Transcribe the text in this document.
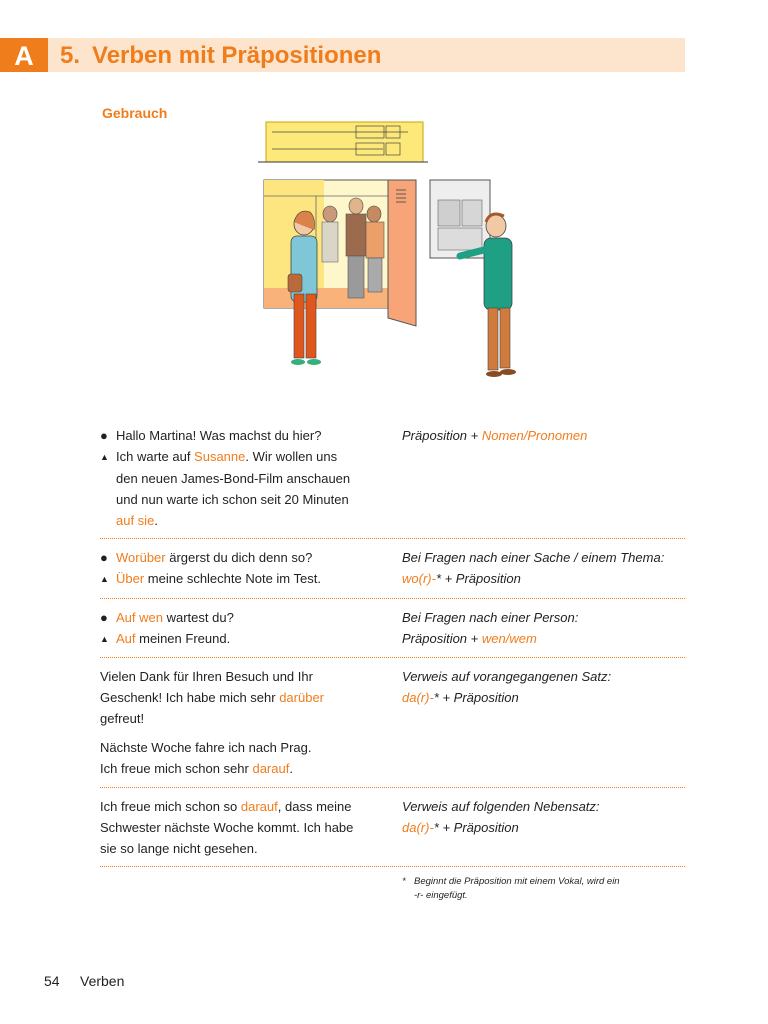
A	5. Verben mit Präpositionen
Gebrauch
● Hallo Martina! Was machst du hier?
▲ Ich warte auf Susanne. Wir wollen uns
den neuen James-Bond-Film anschauen
und nun warte ich schon seit 20 Minuten
auf sie.
Präposition + Nomen/Pronomen
● Worüber ärgerst du dich denn so?
▲ Über meine schlechte Note im Test.
Bei Fragen nach einer Sache / einem Thema:
wo(r)-* + Präposition
● Auf wen wartest du?
▲ Auf meinen Freund.
Bei Fragen nach einer Person:
Präposition + wen/wem

Vielen Dank für Ihren Besuch und Ihr

Geschenk! Ich habe mich sehr darüber

gefreut!

Nächste Woche fahre ich nach Prag.

Ich freue mich schon sehr darauf.

Verweis auf vorangegangenen Satz:
da(r)-* + Präposition

Ich freue mich schon so darauf, dass meine

Schwester nächste Woche kommt. Ich habe

sie so lange nicht gesehen.

Verweis auf folgenden Nebensatz:
da(r)-* + Präposition
* Beginnt die Präposition mit einem Vokal, wird ein
-r- eingefügt.
54 Verben
